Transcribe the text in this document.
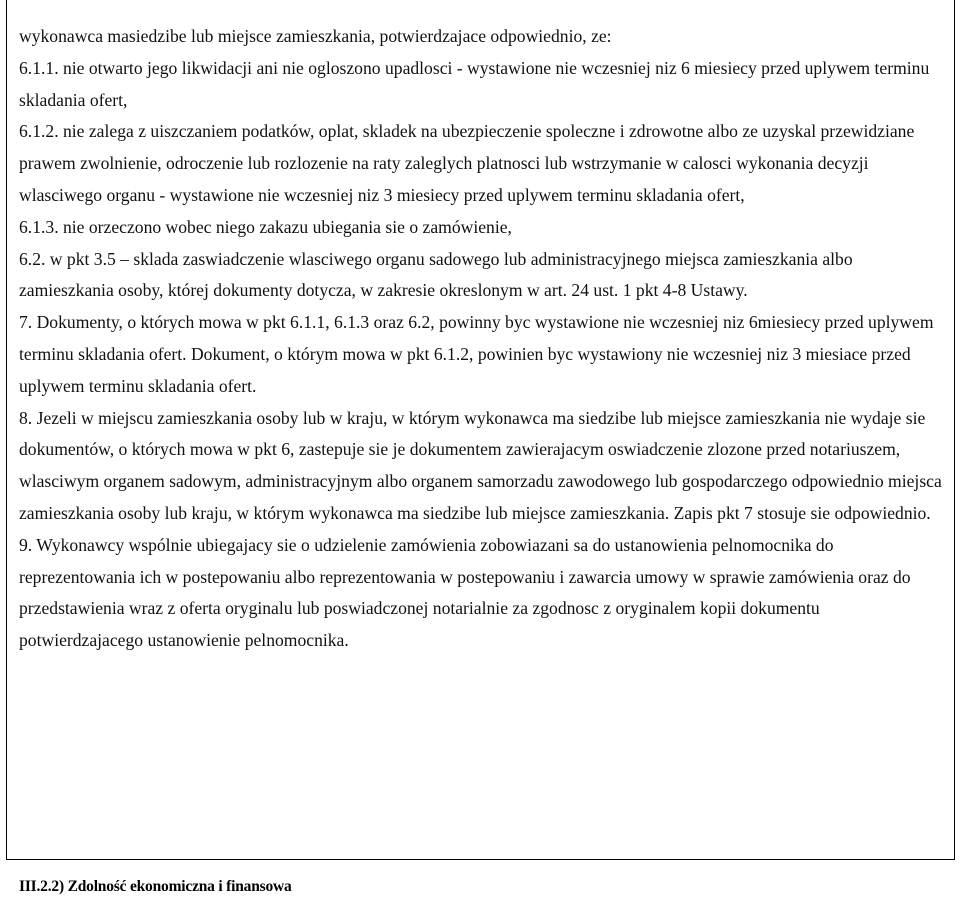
wykonawca masiedzibe lub miejsce zamieszkania, potwierdzajace odpowiednio, ze:
6.1.1. nie otwarto jego likwidacji ani nie ogloszono upadlosci - wystawione nie wczesniej niz 6 miesiecy przed uplywem terminu skladania ofert,
6.1.2. nie zalega z uiszczaniem podatków, oplat, skladek na ubezpieczenie spoleczne i zdrowotne albo ze uzyskal przewidziane prawem zwolnienie, odroczenie lub rozlozenie na raty zaleglych platnosci lub wstrzymanie w calosci wykonania decyzji wlasciwego organu - wystawione nie wczesniej niz 3 miesiecy przed uplywem terminu skladania ofert,
6.1.3. nie orzeczono wobec niego zakazu ubiegania sie o zamówienie,
6.2. w pkt 3.5 – sklada zaswiadczenie wlasciwego organu sadowego lub administracyjnego miejsca zamieszkania albo zamieszkania osoby, której dokumenty dotycza, w zakresie okreslonym w art. 24 ust. 1 pkt 4-8 Ustawy.
7. Dokumenty, o których mowa w pkt 6.1.1, 6.1.3 oraz 6.2, powinny byc wystawione nie wczesniej niz 6miesiecy przed uplywem terminu skladania ofert. Dokument, o którym mowa w pkt 6.1.2, powinien byc wystawiony nie wczesniej niz 3 miesiace przed uplywem terminu skladania ofert.
8. Jezeli w miejscu zamieszkania osoby lub w kraju, w którym wykonawca ma siedzibe lub miejsce zamieszkania nie wydaje sie dokumentów, o których mowa w pkt 6, zastepuje sie je dokumentem zawierajacym oswiadczenie zlozone przed notariuszem, wlasciwym organem sadowym, administracyjnym albo organem samorzadu zawodowego lub gospodarczego odpowiednio miejsca zamieszkania osoby lub kraju, w którym wykonawca ma siedzibe lub miejsce zamieszkania. Zapis pkt 7 stosuje sie odpowiednio.
9. Wykonawcy wspólnie ubiegajacy sie o udzielenie zamówienia zobowiazani sa do ustanowienia pelnomocnika do reprezentowania ich w postepowaniu albo reprezentowania w postepowaniu i zawarcia umowy w sprawie zamówienia oraz do przedstawienia wraz z oferta oryginalu lub poswiadczonej notarialnie za zgodnosc z oryginalem kopii dokumentu potwierdzajacego ustanowienie pelnomocnika.
III.2.2) Zdolność ekonomiczna i finansowa
